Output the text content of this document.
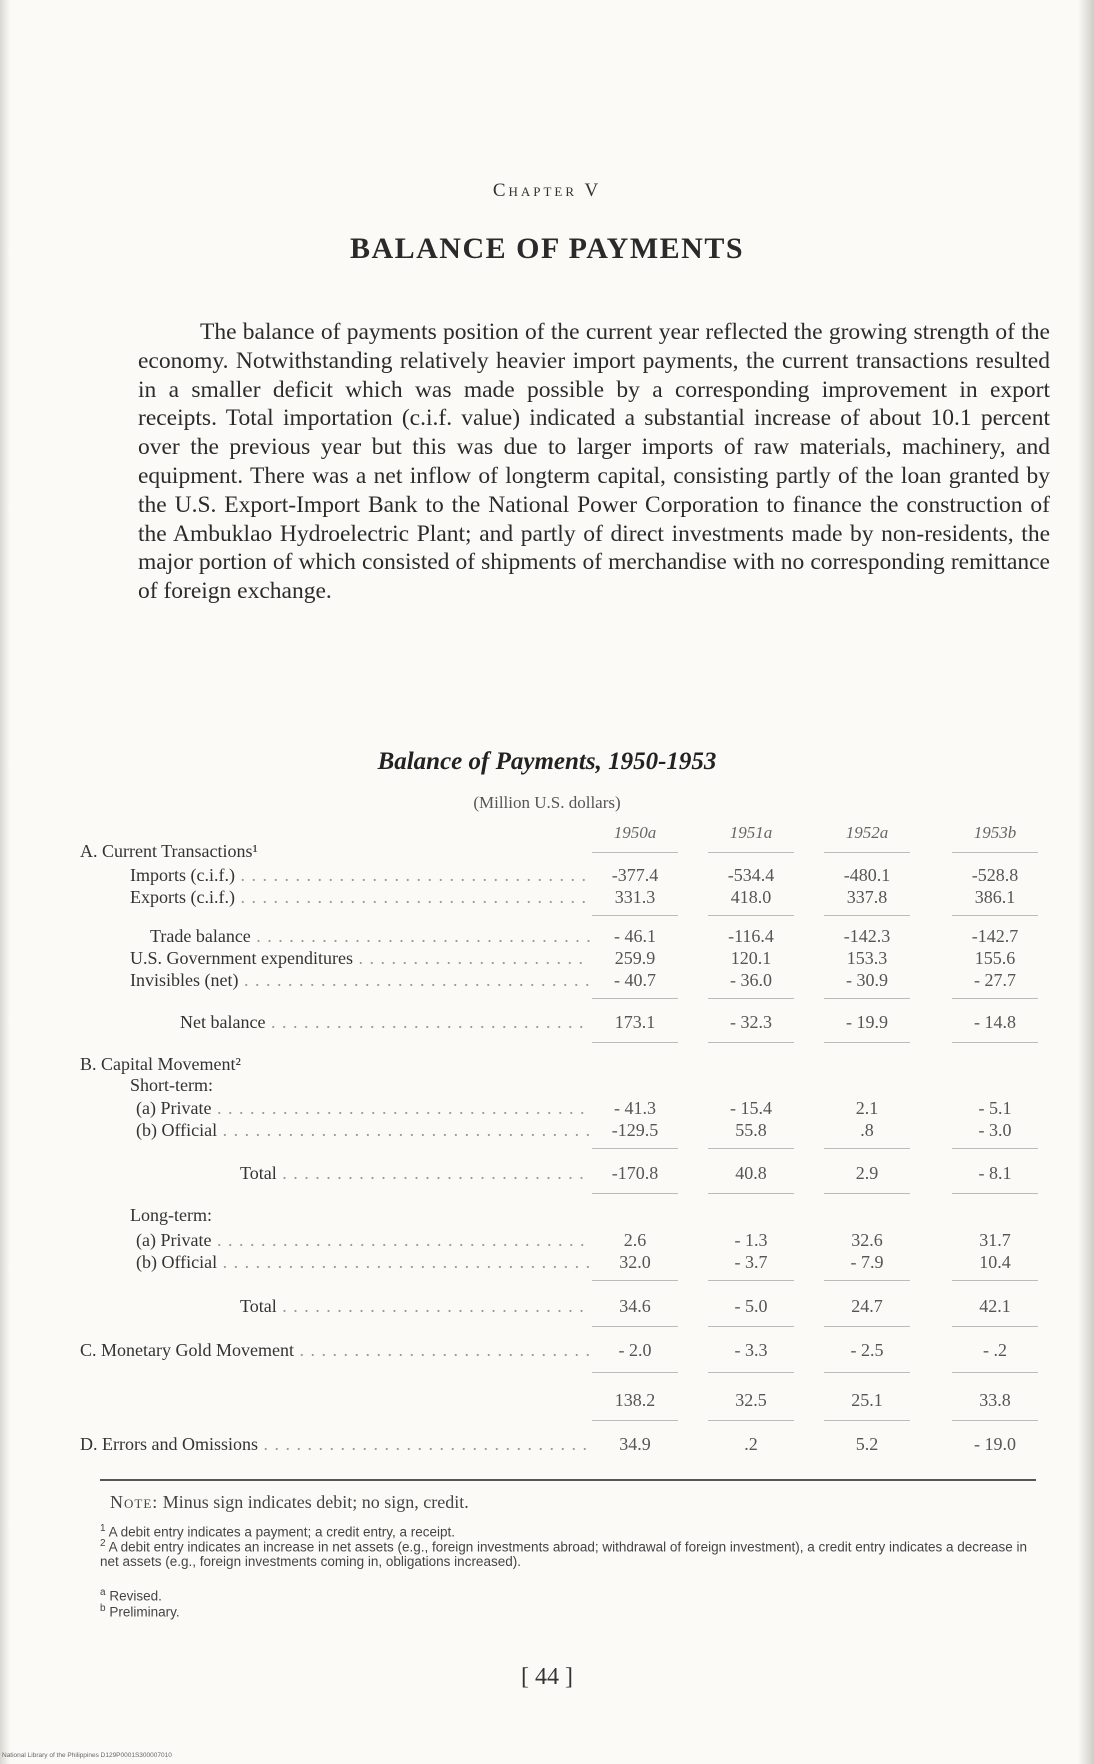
Chapter V
BALANCE OF PAYMENTS

The balance of payments position of the current year reflected the growing strength of the economy. Notwithstanding relatively heavier import payments, the current transactions resulted in a smaller deficit which was made possible by a corresponding improvement in export receipts. Total importation (c.i.f. value) indicated a substantial increase of about 10.1 percent over the previous year but this was due to larger imports of raw materials, machinery, and equipment. There was a net inflow of longterm capital, consisting partly of the loan granted by the U.S. Export-Import Bank to the National Power Corporation to finance the construction of the Ambuklao Hydroelectric Plant; and partly of direct investments made by non-residents, the major portion of which consisted of shipments of merchandise with no corresponding remittance of foreign exchange.

Balance of Payments, 1950-1953
(Million U.S. dollars)
1950a	1951a	1952a	1953b
A. Current Transactions¹
Imports (c.i.f.) . . .	-377.4	-534.4	-480.1	-528.8
Exports (c.i.f.) . . .	331.3	418.0	337.8	386.1
Trade balance . . .	- 46.1	-116.4	-142.3	-142.7
U.S. Government expenditures . . .	259.9	120.1	153.3	155.6
Invisibles (net) . . .	- 40.7	- 36.0	- 30.9	- 27.7
Net balance . . .	173.1	- 32.3	- 19.9	- 14.8
B. Capital Movement²
Short-term:
(a) Private . . .	- 41.3	- 15.4	2.1	- 5.1
(b) Official . . .	-129.5	55.8	.8	- 3.0
Total . . .	-170.8	40.8	2.9	- 8.1
Long-term:
(a) Private . . .	2.6	- 1.3	32.6	31.7
(b) Official . . .	32.0	- 3.7	- 7.9	10.4
Total . . .	34.6	- 5.0	24.7	42.1
C. Monetary Gold Movement . . .	- 2.0	- 3.3	- 2.5	- .2
138.2	32.5	25.1	33.8
D. Errors and Omissions . . .	34.9	.2	5.2	- 19.0
Note: Minus sign indicates debit; no sign, credit.
$^1$ A debit entry indicates a payment; a credit entry, a receipt.
$^2$ A debit entry indicates an increase in net assets (e.g., foreign investments abroad; withdrawal of foreign investment), a credit entry indicates a decrease in net assets (e.g., foreign investments coming in, obligations increased).
$^a$ Revised.
$^b$ Preliminary.
[ 44 ]
National Library of the Philippines D129P0001S300007010
